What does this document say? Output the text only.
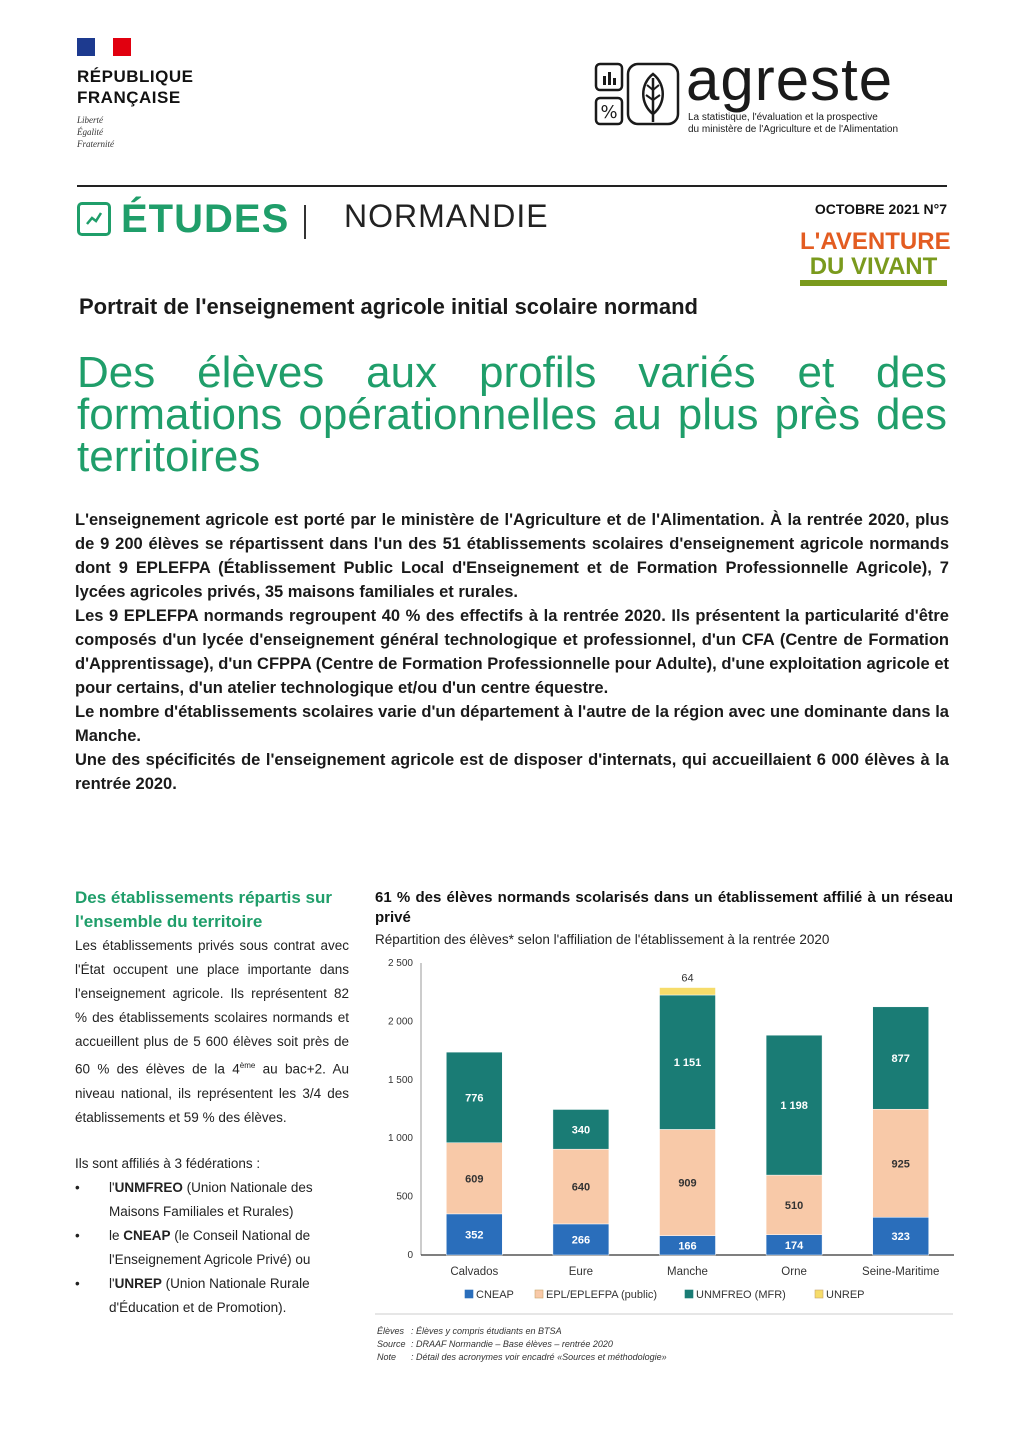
RÉPUBLIQUE
FRANÇAISE
Liberté
Égalité
Fraternité
% agreste
La statistique, l'évaluation et la prospective
du ministère de l'Agriculture et de l'Alimentation
ÉTUDES NORMANDIE	OCTOBRE 2021 N°7

L'AVENTURE
DU VIVANT

Portrait de l'enseignement agricole initial scolaire normand
Des élèves aux profils variés et des formations opérationnelles au plus près des territoires

L'enseignement agricole est porté par le ministère de l'Agriculture et de l'Alimentation. À la rentrée 2020, plus de 9 200 élèves se répartissent dans l'un des 51 établissements scolaires d'enseignement agricole normands dont 9 EPLEFPA (Établissement Public Local d'Enseignement et de Formation Professionnelle Agricole), 7 lycées agricoles privés, 35 maisons familiales et rurales.

Les 9 EPLEFPA normands regroupent 40 % des effectifs à la rentrée 2020. Ils présentent la particularité d'être composés d'un lycée d'enseignement général technologique et professionnel, d'un CFA (Centre de Formation d'Apprentissage), d'un CFPPA (Centre de Formation Professionnelle pour Adulte), d'une exploitation agricole et pour certains, d'un atelier technologique et/ou d'un centre équestre.

Le nombre d'établissements scolaires varie d'un département à l'autre de la région avec une dominante dans la Manche.

Une des spécificités de l'enseignement agricole est de disposer d'internats, qui accueillaient 6 000 élèves à la rentrée 2020.

Des établissements répartis sur l'ensemble du territoire
Les établissements privés sous contrat avec l'État occupent une place importante dans l'enseignement agricole. Ils représentent 82 % des établissements scolaires normands et accueillent plus de 5 600 élèves soit près de 60 % des élèves de la 4ème au bac+2. Au niveau national, ils représentent les 3/4 des établissements et 59 % des élèves.
Ils sont affiliés à 3 fédérations :
• l'UNMFREO (Union Nationale des Maisons Familiales et Rurales)
• le CNEAP (le Conseil National de l'Enseignement Agricole Privé) ou
• l'UNREP (Union Nationale Rurale d'Éducation et de Promotion).
61 % des élèves normands scolarisés dans un établissement affilié à un réseau privé
Répartition des élèves* selon l'affiliation de l'établissement à la rentrée 2020
0
500
1 000
1 500
2 000
2 500
352
609
776
Calvados
266
640
340
Eure
166
909
1 151
64
Manche
174
510
1 198
Orne
323
925
877
Seine-Maritime
CNEAP	EPL/EPLEFPA (public)	UNMFREO (MFR)	UNREP
Élèves : Élèves y compris étudiants en BTSA
Source : DRAAF Normandie – Base élèves – rentrée 2020
Note	: Détail des acronymes voir encadré «Sources et méthodologie»
